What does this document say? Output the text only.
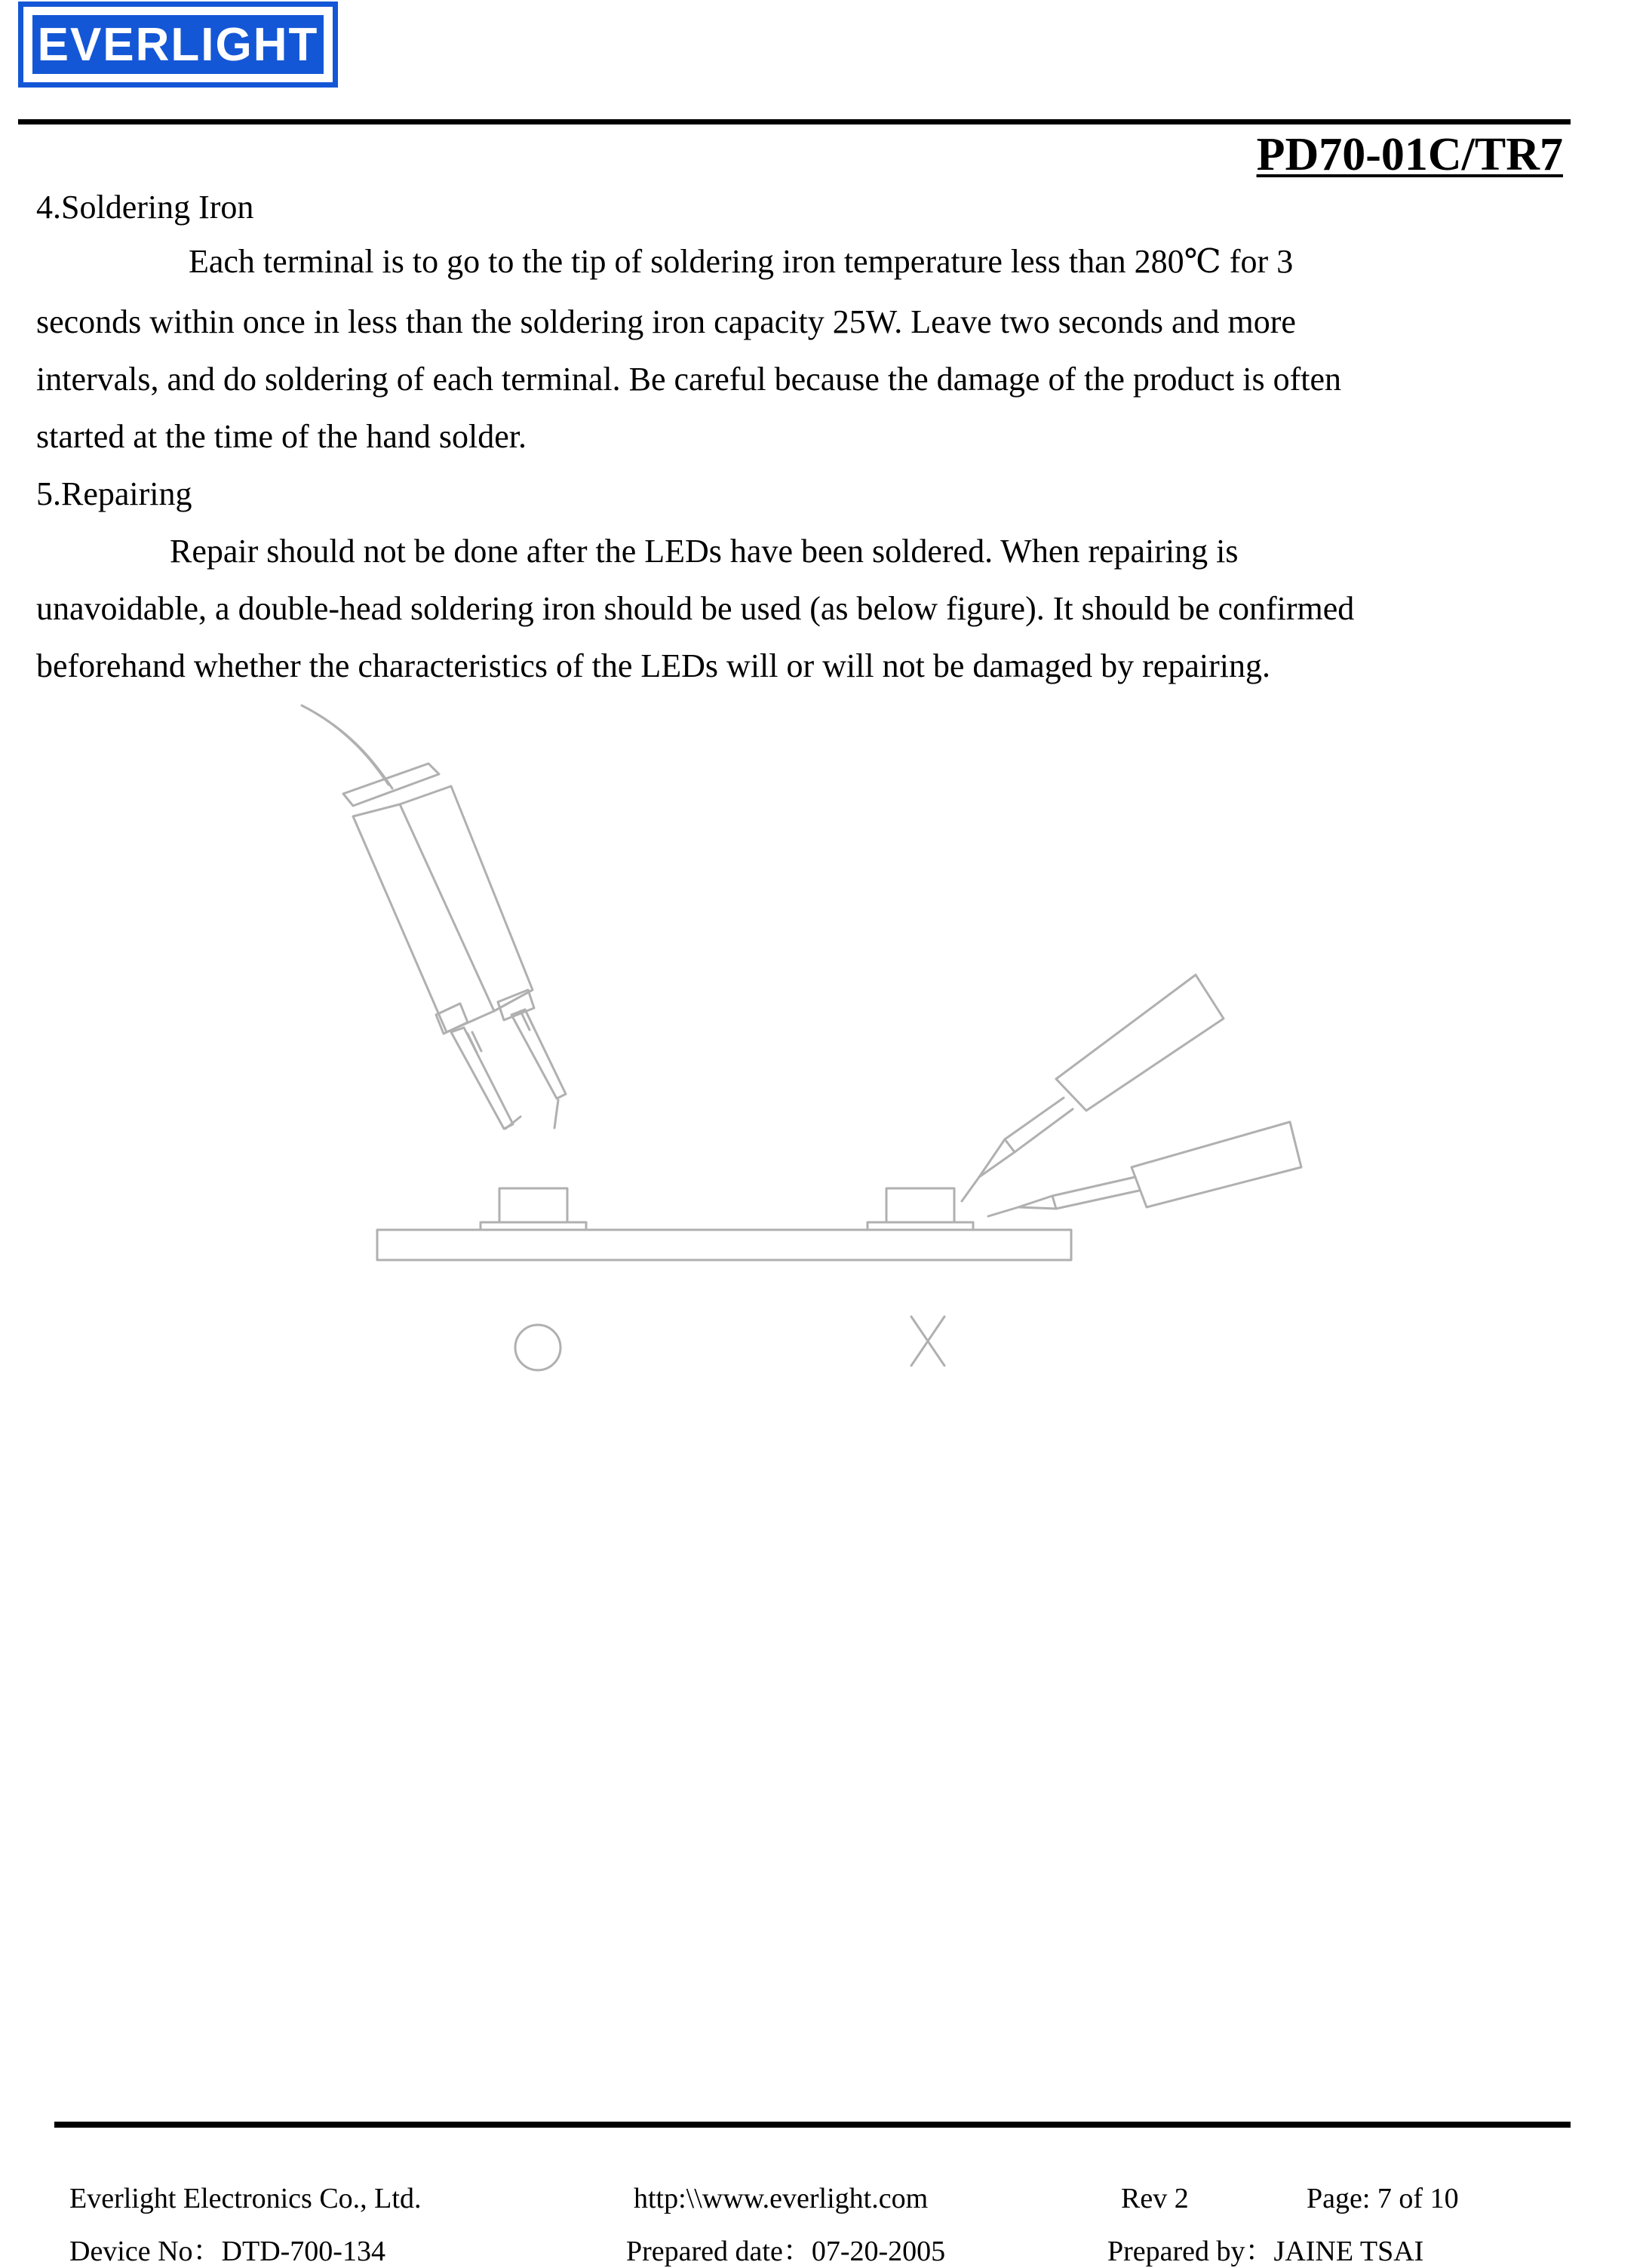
EVERLIGHT
PD70-01C/TR7
4.Soldering Iron
Each terminal is to go to the tip of soldering iron temperature less than 280℃ for 3
seconds within once in less than the soldering iron capacity 25W. Leave two seconds and more
intervals, and do soldering of each terminal. Be careful because the damage of the product is often
started at the time of the hand solder.
5.Repairing
Repair should not be done after the LEDs have been soldered. When repairing is
unavoidable, a double-head soldering iron should be used (as below figure). It should be confirmed
beforehand whether the characteristics of the LEDs will or will not be damaged by repairing.
Everlight Electronics Co., Ltd.	http:\\www.everlight.com	Rev 2	Page: 7 of 10
Device No：DTD-700-134	Prepared date：07-20-2005	Prepared by：JAINE TSAI
